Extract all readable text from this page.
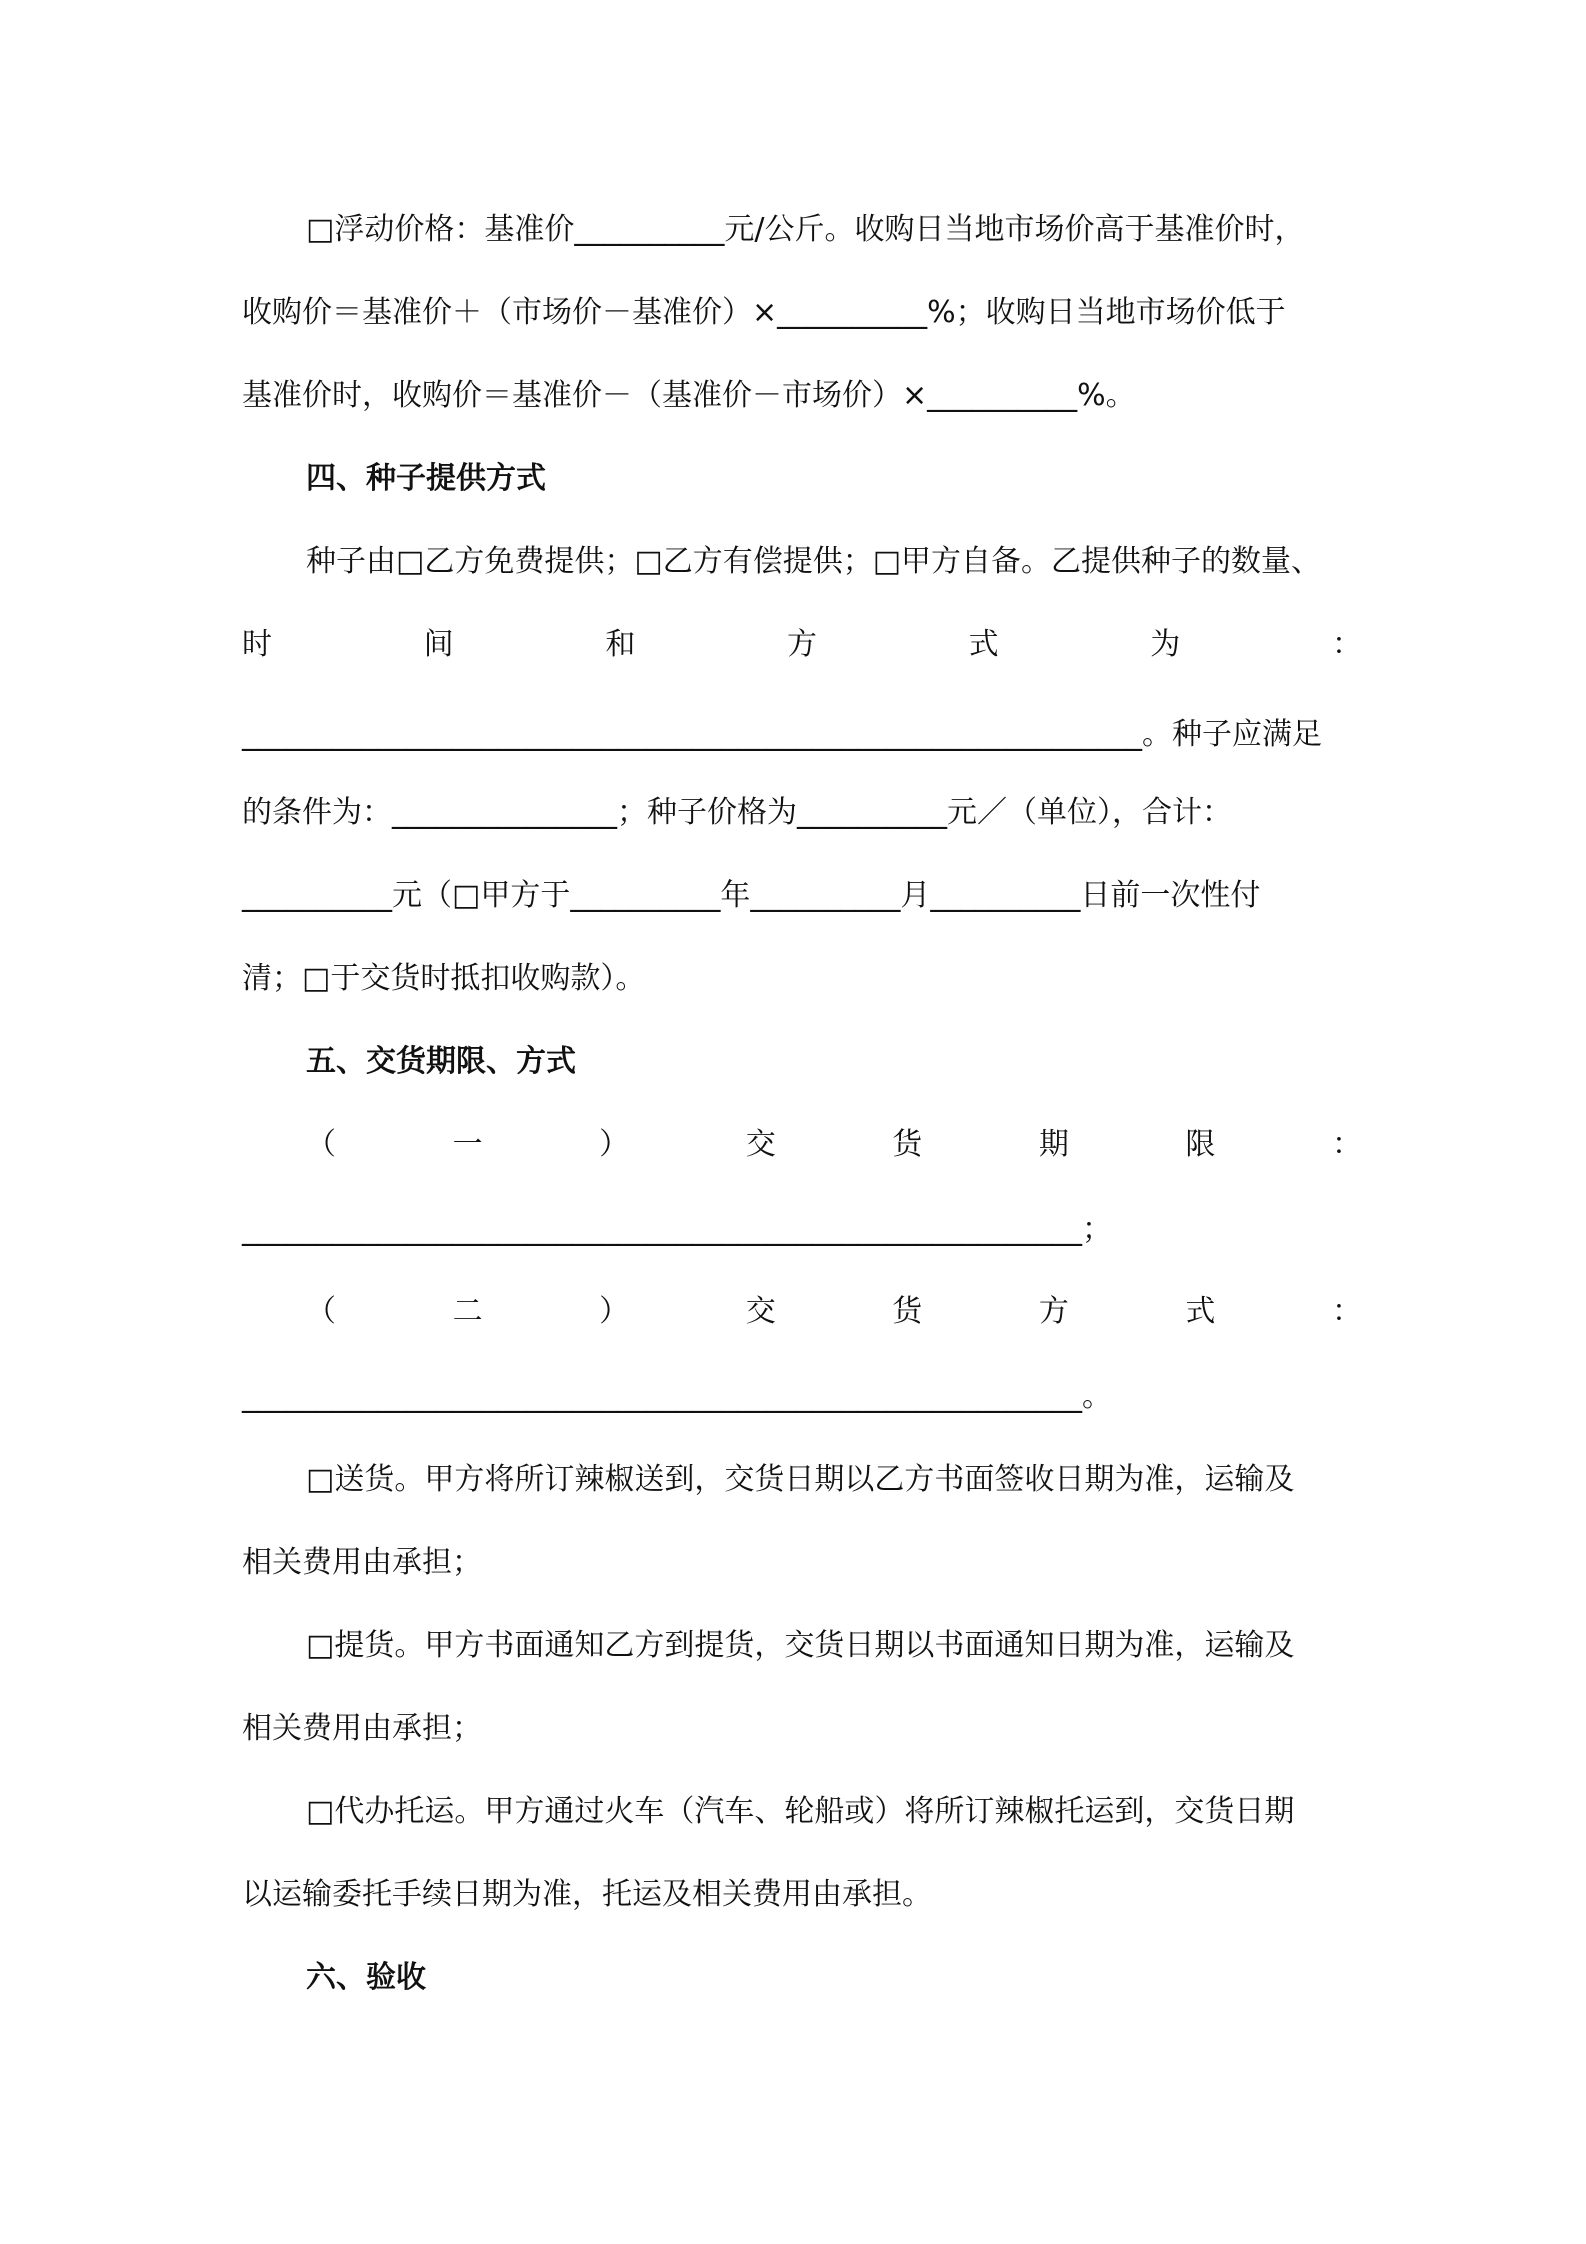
□浮动价格：基准价__________元/公斤。收购日当地市场价高于基准价时，
收购价＝基准价＋（市场价－基准价）×__________%；收购日当地市场价低于
基准价时，收购价＝基准价－（基准价－市场价）×__________%。
四、种子提供方式
种子由□乙方免费提供；□乙方有偿提供；□甲方自备。乙提供种子的数量、
时	间	和	方	式	为	：
____________________________________________________________。种子应满足
的条件为：_______________；种子价格为__________元／（单位），合计：
__________元（□甲方于__________年__________月__________日前一次性付
清；□于交货时抵扣收购款）。
五、交货期限、方式
（	一	）	交	货	期	限	：
________________________________________________________；
（	二	）	交	货	方	式	：
________________________________________________________。
□送货。甲方将所订辣椒送到，交货日期以乙方书面签收日期为准，运输及
相关费用由承担；
□提货。甲方书面通知乙方到提货，交货日期以书面通知日期为准，运输及
相关费用由承担；
□代办托运。甲方通过火车（汽车、轮船或）将所订辣椒托运到，交货日期
以运输委托手续日期为准，托运及相关费用由承担。
六、验收
